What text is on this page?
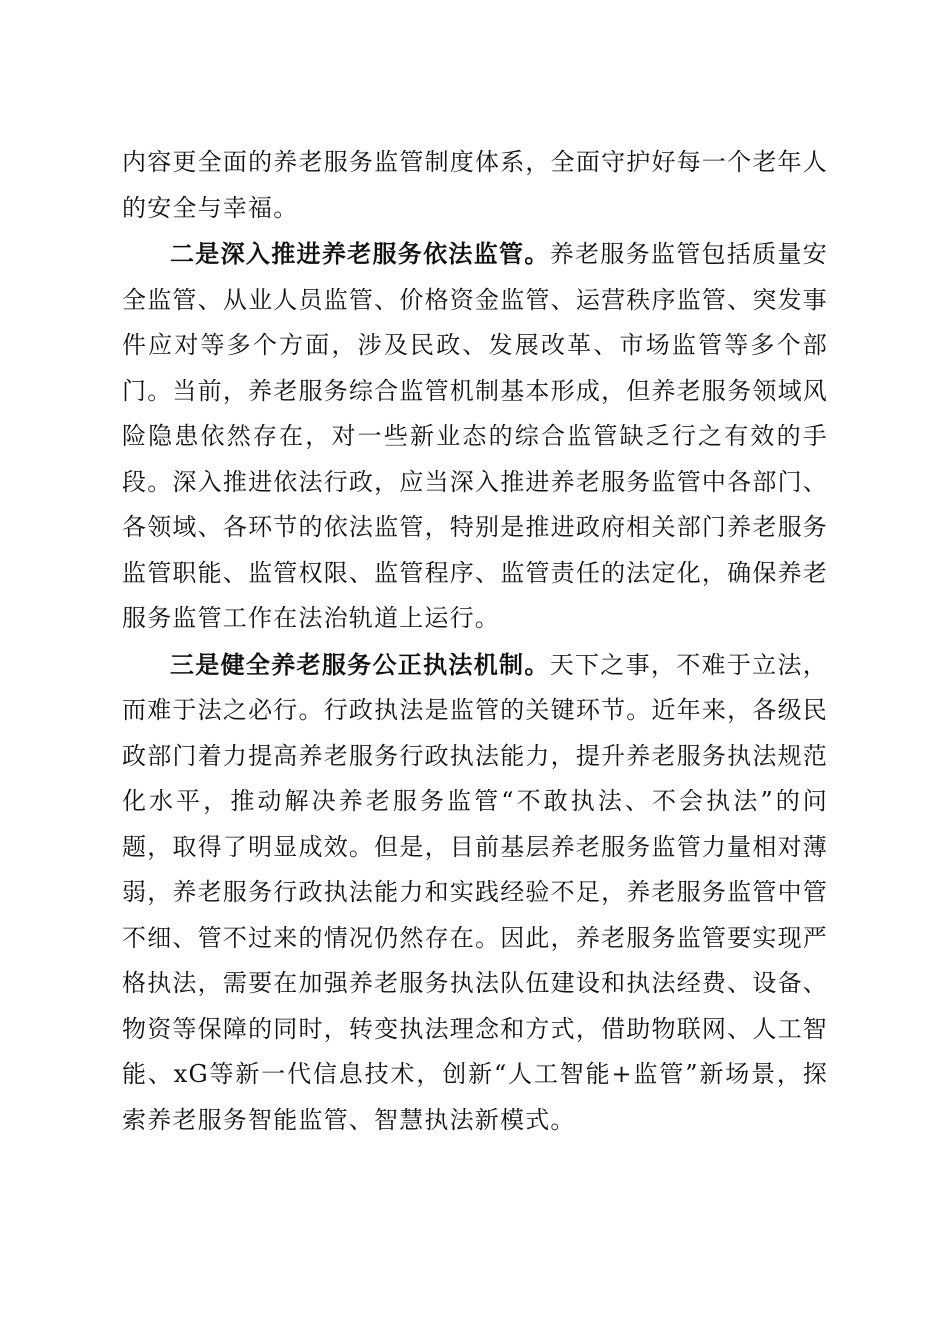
内容更全面的养老服务监管制度体系，全面守护好每一个老年人的安全与幸福。

二是深入推进养老服务依法监管。养老服务监管包括质量安全监管、从业人员监管、价格资金监管、运营秩序监管、突发事件应对等多个方面，涉及民政、发展改革、市场监管等多个部门。当前，养老服务综合监管机制基本形成，但养老服务领域风险隐患依然存在，对一些新业态的综合监管缺乏行之有效的手段。深入推进依法行政，应当深入推进养老服务监管中各部门、各领域、各环节的依法监管，特别是推进政府相关部门养老服务监管职能、监管权限、监管程序、监管责任的法定化，确保养老服务监管工作在法治轨道上运行。

三是健全养老服务公正执法机制。天下之事，不难于立法，而难于法之必行。行政执法是监管的关键环节。近年来，各级民政部门着力提高养老服务行政执法能力，提升养老服务执法规范化水平，推动解决养老服务监管“不敢执法、不会执法”的问题，取得了明显成效。但是，目前基层养老服务监管力量相对薄弱，养老服务行政执法能力和实践经验不足，养老服务监管中管不细、管不过来的情况仍然存在。因此，养老服务监管要实现严格执法，需要在加强养老服务执法队伍建设和执法经费、设备、物资等保障的同时，转变执法理念和方式，借助物联网、人工智能、xG等新一代信息技术，创新“人工智能+监管”新场景，探索养老服务智能监管、智慧执法新模式。
